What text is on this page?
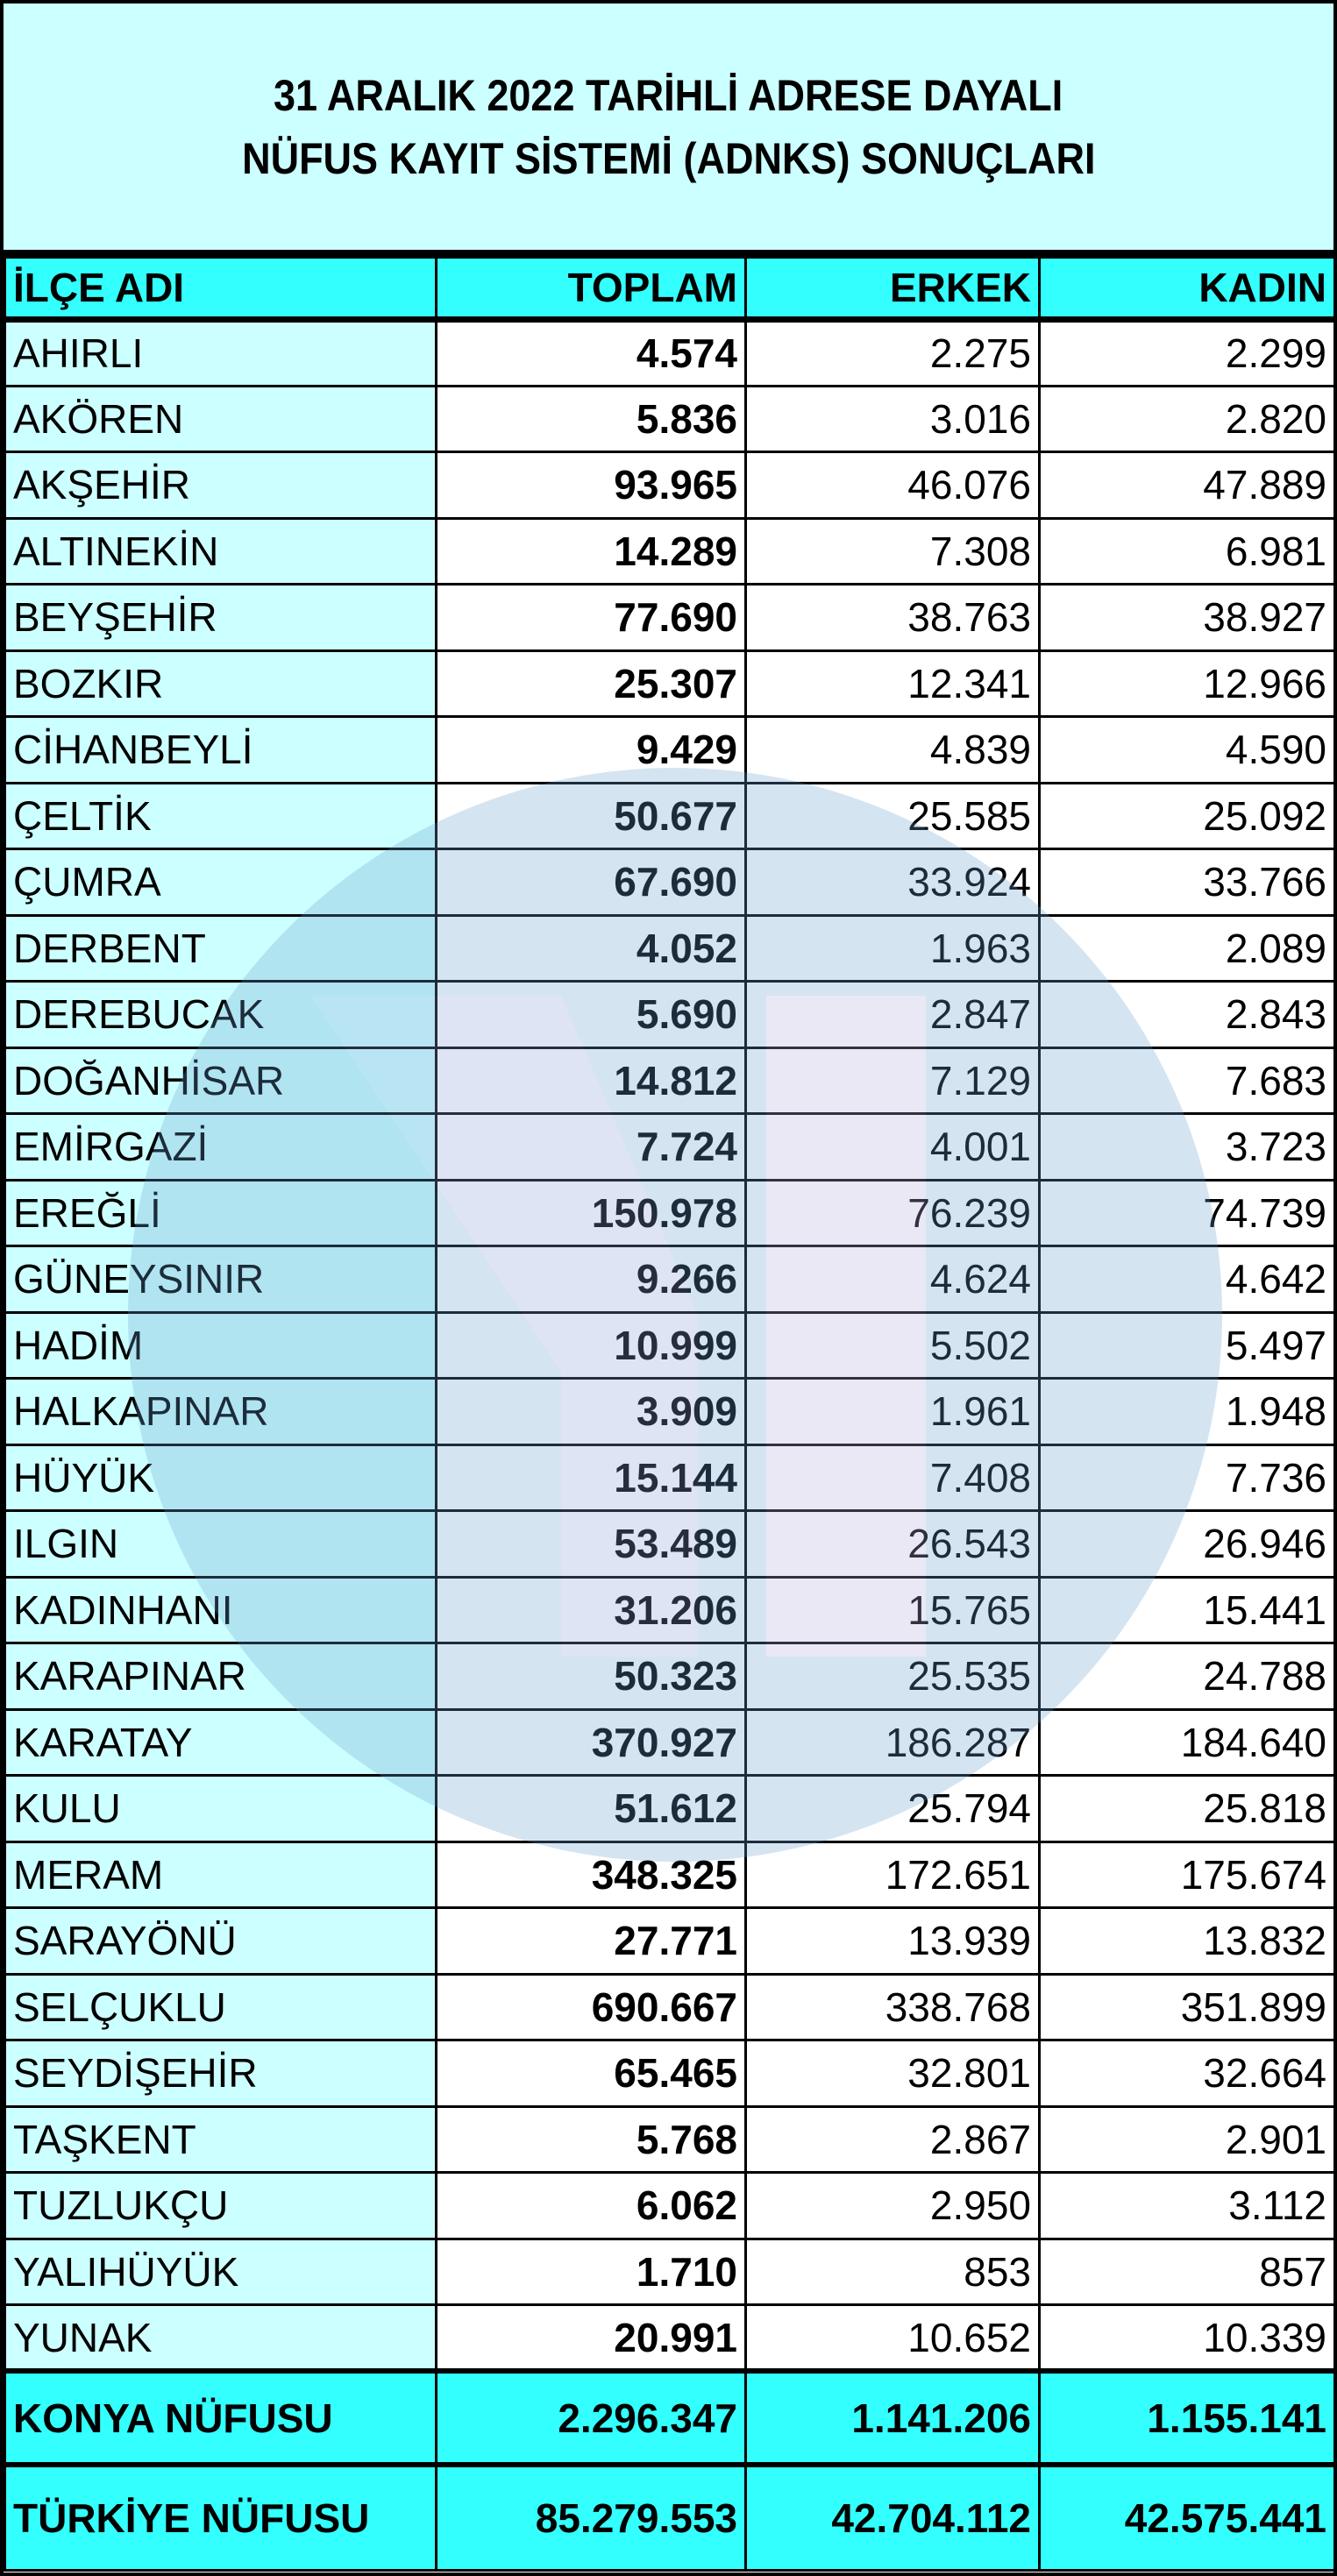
31 ARALIK 2022 TARİHLİ ADRESE DAYALI
NÜFUS KAYIT SİSTEMİ (ADNKS) SONUÇLARI
İLÇE ADI	TOPLAM	ERKEK	KADIN
AHIRLI	4.574	2.275	2.299
AKÖREN	5.836	3.016	2.820
AKŞEHİR	93.965	46.076	47.889
ALTINEKİN	14.289	7.308	6.981
BEYŞEHİR	77.690	38.763	38.927
BOZKIR	25.307	12.341	12.966
CİHANBEYLİ	9.429	4.839	4.590
ÇELTİK	50.677	25.585	25.092
ÇUMRA	67.690	33.924	33.766
DERBENT	4.052	1.963	2.089
DEREBUCAK	5.690	2.847	2.843
DOĞANHİSAR	14.812	7.129	7.683
EMİRGAZİ	7.724	4.001	3.723
EREĞLİ	150.978	76.239	74.739
GÜNEYSINIR	9.266	4.624	4.642
HADİM	10.999	5.502	5.497
HALKAPINAR	3.909	1.961	1.948
HÜYÜK	15.144	7.408	7.736
ILGIN	53.489	26.543	26.946
KADINHANI	31.206	15.765	15.441
KARAPINAR	50.323	25.535	24.788
KARATAY	370.927	186.287	184.640
KULU	51.612	25.794	25.818
MERAM	348.325	172.651	175.674
SARAYÖNÜ	27.771	13.939	13.832
SELÇUKLU	690.667	338.768	351.899
SEYDİŞEHİR	65.465	32.801	32.664
TAŞKENT	5.768	2.867	2.901
TUZLUKÇU	6.062	2.950	3.112
YALIHÜYÜK	1.710	853	857
YUNAK	20.991	10.652	10.339
KONYA NÜFUSU	2.296.347	1.141.206	1.155.141
TÜRKİYE NÜFUSU	85.279.553	42.704.112	42.575.441
